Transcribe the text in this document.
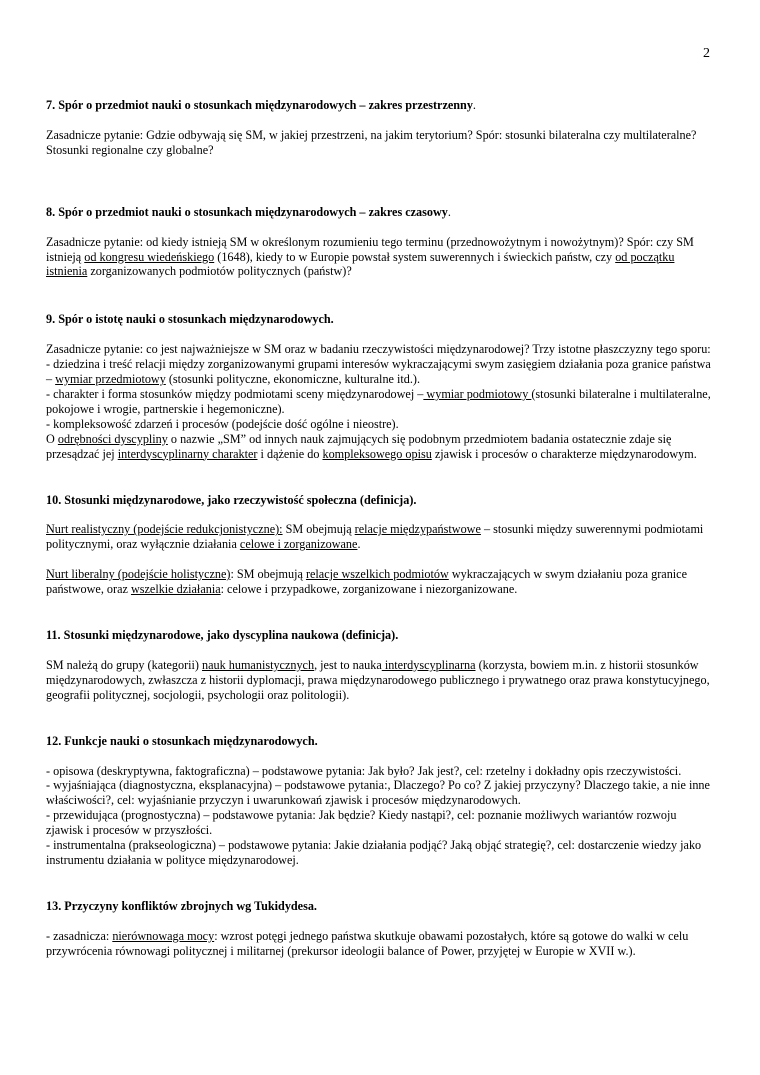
2

7. Spór o przedmiot nauki o stosunkach międzynarodowych – zakres przestrzenny.

Zasadnicze pytanie: Gdzie odbywają się SM, w jakiej przestrzeni, na jakim terytorium? Spór: stosunki bilateralna czy multilateralne? Stosunki regionalne czy globalne?

8. Spór o przedmiot nauki o stosunkach międzynarodowych – zakres czasowy.

Zasadnicze pytanie: od kiedy istnieją SM w określonym rozumieniu tego terminu (przednowożytnym i nowożytnym)? Spór: czy SM istnieją od kongresu wiedeńskiego (1648), kiedy to w Europie powstał system suwerennych i świeckich państw, czy od początku istnienia zorganizowanych podmiotów politycznych (państw)?

9. Spór o istotę nauki o stosunkach międzynarodowych.

Zasadnicze pytanie: co jest najważniejsze w SM oraz w badaniu rzeczywistości międzynarodowej? Trzy istotne płaszczyzny tego sporu:

- dziedzina i treść relacji między zorganizowanymi grupami interesów wykraczającymi swym zasięgiem działania poza granice państwa – wymiar przedmiotowy (stosunki polityczne, ekonomiczne, kulturalne itd.).

- charakter i forma stosunków między podmiotami sceny międzynarodowej – wymiar podmiotowy (stosunki bilateralne i multilateralne, pokojowe i wrogie, partnerskie i hegemoniczne).

- kompleksowość zdarzeń i procesów (podejście dość ogólne i nieostre).

O odrębności dyscypliny o nazwie „SM” od innych nauk zajmujących się podobnym przedmiotem badania ostatecznie zdaje się przesądzać jej interdyscyplinarny charakter i dążenie do kompleksowego opisu zjawisk i procesów o charakterze międzynarodowym.

10. Stosunki międzynarodowe, jako rzeczywistość społeczna (definicja).

Nurt realistyczny (podejście redukcjonistyczne): SM obejmują relacje międzypaństwowe – stosunki między suwerennymi podmiotami politycznymi, oraz wyłącznie działania celowe i zorganizowane.

Nurt liberalny (podejście holistyczne): SM obejmują relacje wszelkich podmiotów wykraczających w swym działaniu poza granice państwowe, oraz wszelkie działania: celowe i przypadkowe, zorganizowane i niezorganizowane.

11. Stosunki międzynarodowe, jako dyscyplina naukowa (definicja).

SM należą do grupy (kategorii) nauk humanistycznych, jest to nauka interdyscyplinarna (korzysta, bowiem m.in. z historii stosunków międzynarodowych, zwłaszcza z historii dyplomacji, prawa międzynarodowego publicznego i prywatnego oraz prawa konstytucyjnego, geografii politycznej, socjologii, psychologii oraz politologii).

12. Funkcje nauki o stosunkach międzynarodowych.

- opisowa (deskryptywna, faktograficzna) – podstawowe pytania: Jak było? Jak jest?, cel: rzetelny i dokładny opis rzeczywistości.

- wyjaśniająca (diagnostyczna, eksplanacyjna) – podstawowe pytania:, Dlaczego? Po co? Z jakiej przyczyny? Dlaczego takie, a nie inne właściwości?, cel: wyjaśnianie przyczyn i uwarunkowań zjawisk i procesów międzynarodowych.

- przewidująca (prognostyczna) – podstawowe pytania: Jak będzie? Kiedy nastąpi?, cel: poznanie możliwych wariantów rozwoju zjawisk i procesów w przyszłości.

- instrumentalna (prakseologiczna) – podstawowe pytania: Jakie działania podjąć? Jaką objąć strategię?, cel: dostarczenie wiedzy jako instrumentu działania w polityce międzynarodowej.

13. Przyczyny konfliktów zbrojnych wg Tukidydesa.

- zasadnicza: nierównowaga mocy: wzrost potęgi jednego państwa skutkuje obawami pozostałych, które są gotowe do walki w celu przywrócenia równowagi politycznej i militarnej (prekursor ideologii balance of Power, przyjętej w Europie w XVII w.).
